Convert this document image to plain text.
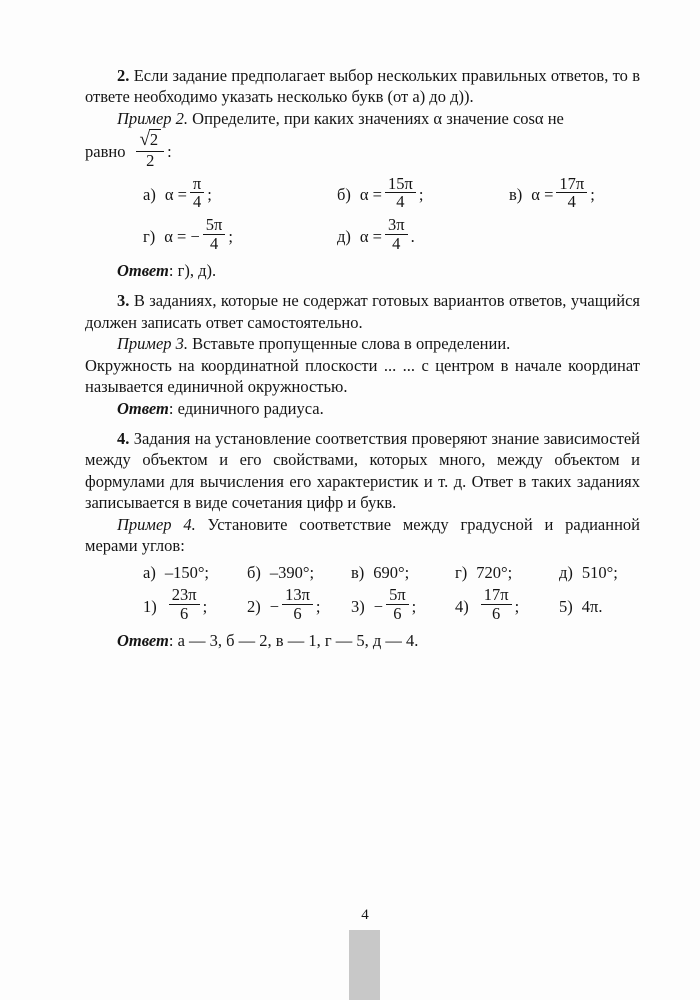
2. Если задание предполагает выбор нескольких правильных ответов, то в ответе необходимо указать несколько букв (от а) до д)).

Пример 2. Определите, при каких значениях α значение cosα не

равно $\frac{√2}{2}$ :
а) $\alpha = \frac{\pi}{4}$ ;	б) $\alpha = \frac{15\pi}{4}$ ;	в) $\alpha = \frac{17\pi}{4}$ ;
г) α = − $\frac{5\pi}{4}$ ;	д) $\alpha = \frac{3\pi}{4}$ .

Ответ: г), д).

3. В заданиях, которые не содержат готовых вариантов ответов, учащийся должен записать ответ самостоятельно.

Пример 3. Вставьте пропущенные слова в определении.

Окружность на координатной плоскости ... ... с центром в начале координат называется единичной окружностью.

Ответ: единичного радиуса.

4. Задания на установление соответствия проверяют знание зависимостей между объектом и его свойствами, которых много, между объектом и формулами для вычисления его характеристик и т. д. Ответ в таких заданиях записывается в виде сочетания цифр и букв.

Пример 4. Установите соответствие между градусной и радианной мерами углов:

а) –150°; б) –390°; в) 690°;	г) 720°;	д) 510°;
$1) \frac{23\pi}{6}$ ; $2) - \frac{13\pi}{6}$ ; $3) - \frac{5\pi}{6}$ ; $4) \frac{17\pi}{6}$ ; 5) 4π.

Ответ: а — 3, б — 2, в — 1, г — 5, д — 4.

4
